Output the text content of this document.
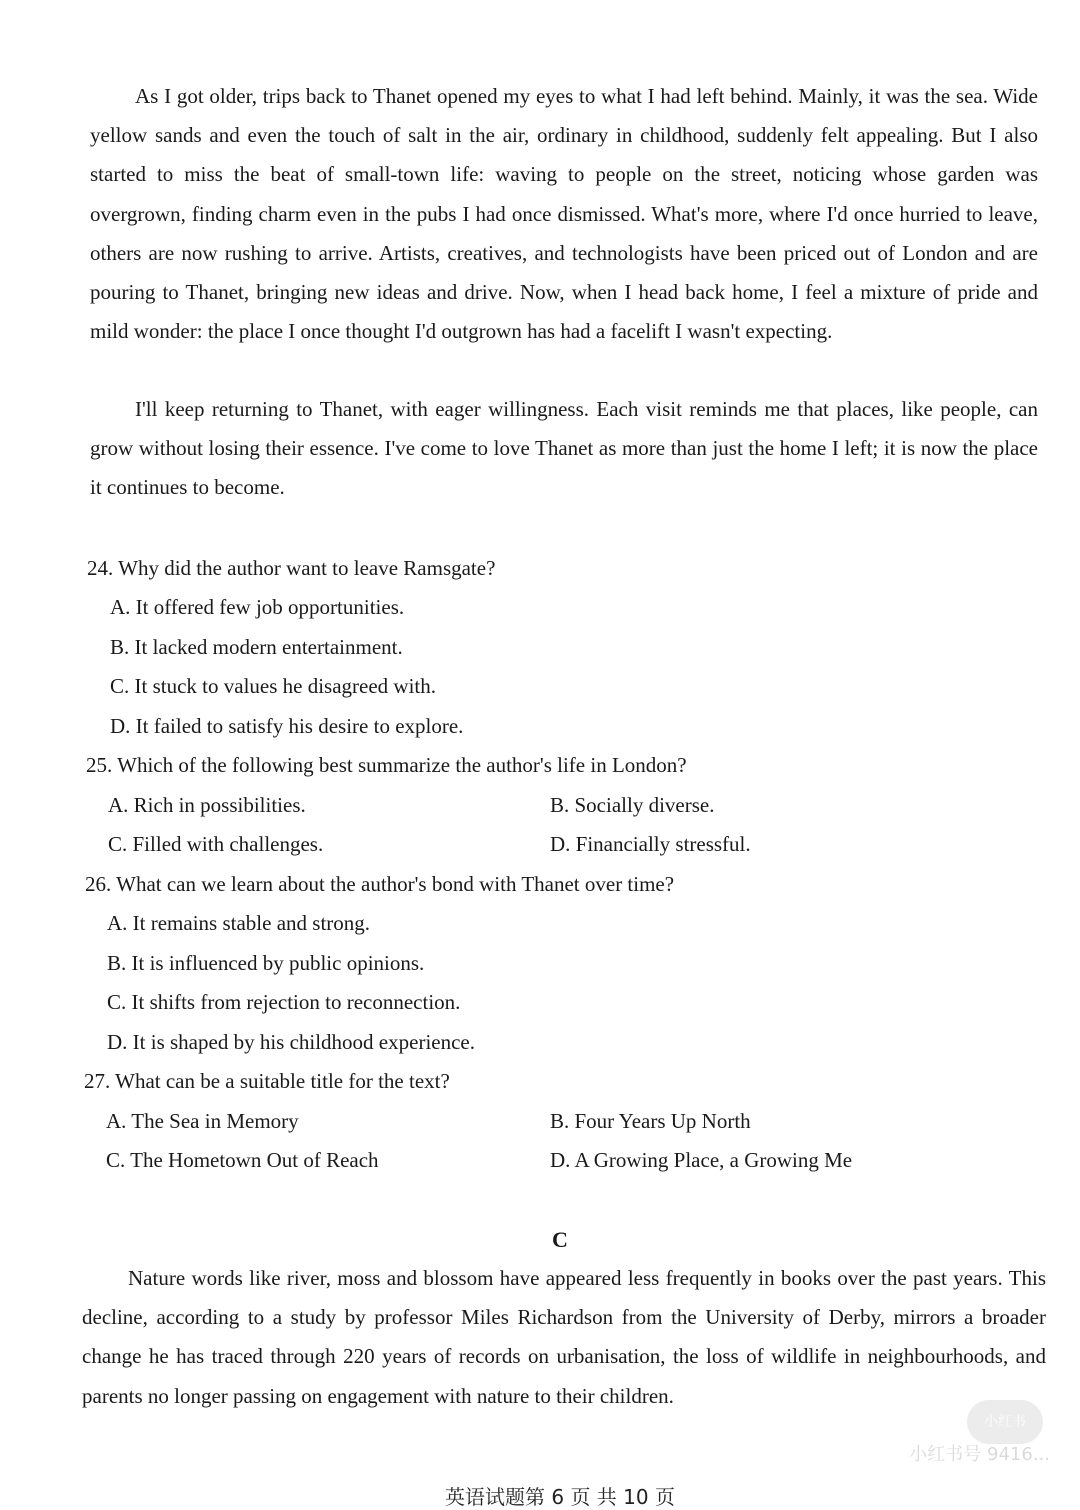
As I got older, trips back to Thanet opened my eyes to what I had left behind. Mainly, it was the sea. Wide yellow sands and even the touch of salt in the air, ordinary in childhood, suddenly felt appealing. But I also started to miss the beat of small-town life: waving to people on the street, noticing whose garden was overgrown, finding charm even in the pubs I had once dismissed. What's more, where I'd once hurried to leave, others are now rushing to arrive. Artists, creatives, and technologists have been priced out of London and are pouring to Thanet, bringing new ideas and drive. Now, when I head back home, I feel a mixture of pride and mild wonder: the place I once thought I'd outgrown has had a facelift I wasn't expecting.

I'll keep returning to Thanet, with eager willingness. Each visit reminds me that places, like people, can grow without losing their essence. I've come to love Thanet as more than just the home I left; it is now the place it continues to become.

24. Why did the author want to leave Ramsgate?
A. It offered few job opportunities.
B. It lacked modern entertainment.
C. It stuck to values he disagreed with.
D. It failed to satisfy his desire to explore.
25. Which of the following best summarize the author's life in London?
A. Rich in possibilities.	B. Socially diverse.
C. Filled with challenges.	D. Financially stressful.
26. What can we learn about the author's bond with Thanet over time?
A. It remains stable and strong.
B. It is influenced by public opinions.
C. It shifts from rejection to reconnection.
D. It is shaped by his childhood experience.
27. What can be a suitable title for the text?
A. The Sea in Memory	B. Four Years Up North
C. The Hometown Out of Reach	D. A Growing Place, a Growing Me
C

Nature words like river, moss and blossom have appeared less frequently in books over the past years. This decline, according to a study by professor Miles Richardson from the University of Derby, mirrors a broader change he has traced through 220 years of records on urbanisation, the loss of wildlife in neighbourhoods, and parents no longer passing on engagement with nature to their children.

小红书
小红书号 9416...
英语试题第 6 页 共 10 页
